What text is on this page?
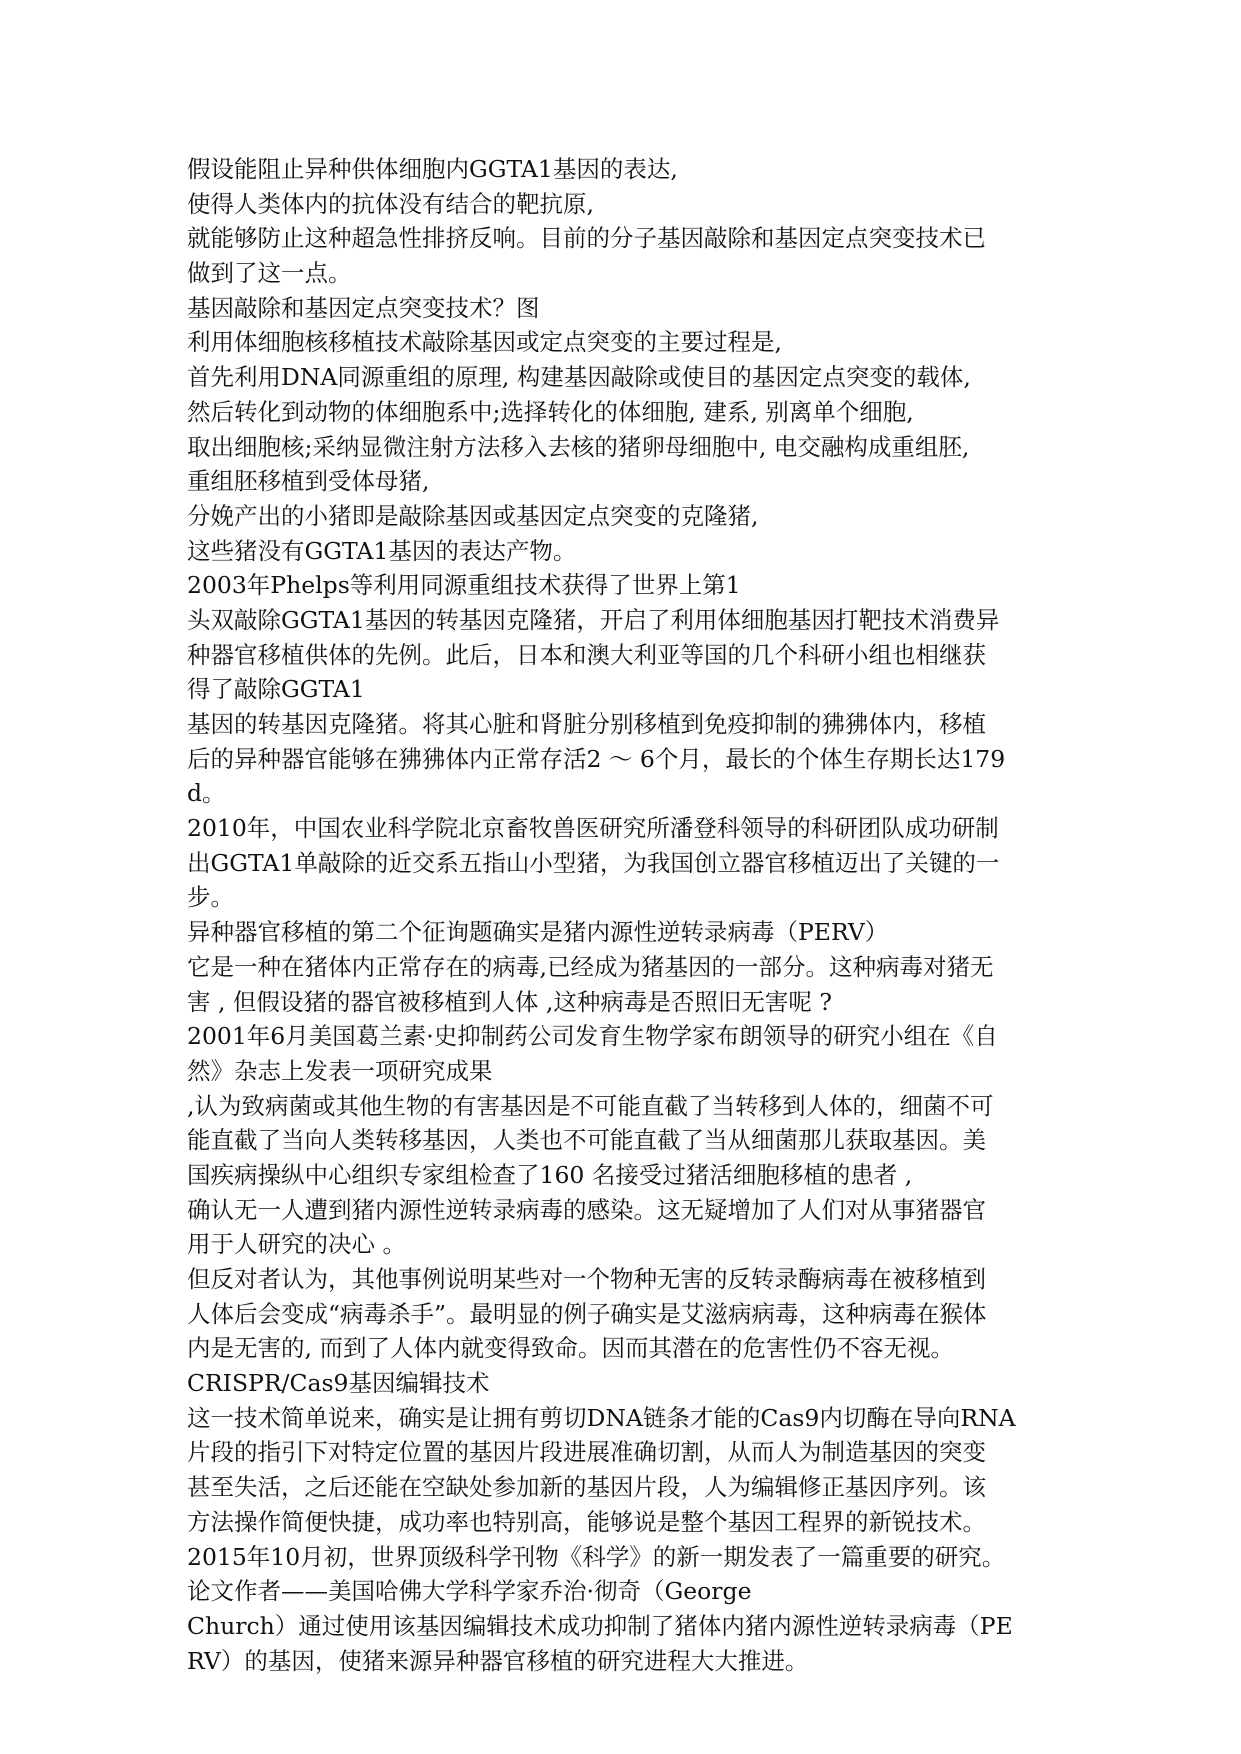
假设能阻止异种供体细胞内GGTA1基因的表达,
使得人类体内的抗体没有结合的靶抗原,
就能够防止这种超急性排挤反响。目前的分子基因敲除和基因定点突变技术已
做到了这一点。
基因敲除和基因定点突变技术？图
利用体细胞核移植技术敲除基因或定点突变的主要过程是,
首先利用DNA同源重组的原理, 构建基因敲除或使目的基因定点突变的载体,
然后转化到动物的体细胞系中;选择转化的体细胞, 建系, 别离单个细胞,
取出细胞核;采纳显微注射方法移入去核的猪卵母细胞中, 电交融构成重组胚,
重组胚移植到受体母猪,
分娩产出的小猪即是敲除基因或基因定点突变的克隆猪,
这些猪没有GGTA1基因的表达产物。
2003年Phelps等利用同源重组技术获得了世界上第1
头双敲除GGTA1基因的转基因克隆猪，开启了利用体细胞基因打靶技术消费异
种器官移植供体的先例。此后，日本和澳大利亚等国的几个科研小组也相继获
得了敲除GGTA1
基因的转基因克隆猪。将其心脏和肾脏分别移植到免疫抑制的狒狒体内，移植
后的异种器官能够在狒狒体内正常存活2 ～ 6个月，最长的个体生存期长达179
d。
2010年，中国农业科学院北京畜牧兽医研究所潘登科领导的科研团队成功研制
出GGTA1单敲除的近交系五指山小型猪，为我国创立器官移植迈出了关键的一
步。
异种器官移植的第二个征询题确实是猪内源性逆转录病毒（PERV）
它是一种在猪体内正常存在的病毒,已经成为猪基因的一部分。这种病毒对猪无
害 , 但假设猪的器官被移植到人体 ,这种病毒是否照旧无害呢 ?
2001年6月美国葛兰素·史抑制药公司发育生物学家布朗领导的研究小组在《自
然》杂志上发表一项研究成果
,认为致病菌或其他生物的有害基因是不可能直截了当转移到人体的，细菌不可
能直截了当向人类转移基因，人类也不可能直截了当从细菌那儿获取基因。美
国疾病操纵中心组织专家组检查了160 名接受过猪活细胞移植的患者 ,
确认无一人遭到猪内源性逆转录病毒的感染。这无疑增加了人们对从事猪器官
用于人研究的决心 。
但反对者认为，其他事例说明某些对一个物种无害的反转录酶病毒在被移植到
人体后会变成“病毒杀手”。最明显的例子确实是艾滋病病毒，这种病毒在猴体
内是无害的, 而到了人体内就变得致命。因而其潜在的危害性仍不容无视。
CRISPR/Cas9基因编辑技术
这一技术简单说来，确实是让拥有剪切DNA链条才能的Cas9内切酶在导向RNA
片段的指引下对特定位置的基因片段进展准确切割，从而人为制造基因的突变
甚至失活，之后还能在空缺处参加新的基因片段，人为编辑修正基因序列。该
方法操作简便快捷，成功率也特别高，能够说是整个基因工程界的新锐技术。
2015年10月初，世界顶级科学刊物《科学》的新一期发表了一篇重要的研究。
论文作者——美国哈佛大学科学家乔治·彻奇（George
Church）通过使用该基因编辑技术成功抑制了猪体内猪内源性逆转录病毒（PE
RV）的基因，使猪来源异种器官移植的研究进程大大推进。
